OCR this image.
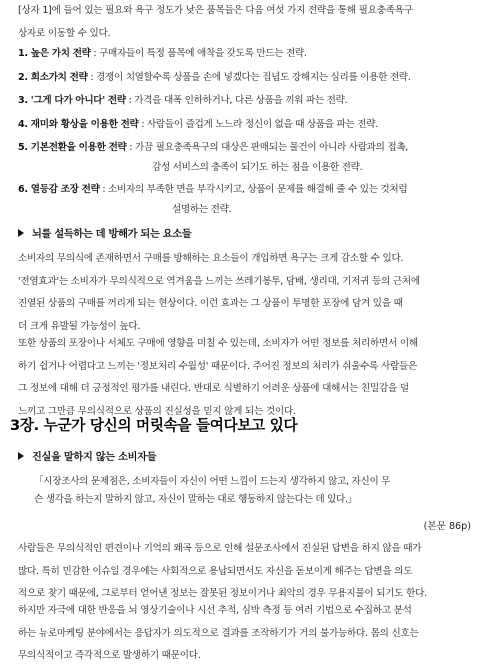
[상자 1]에 들어 있는 필요와 욕구 정도가 낮은 품목들은 다음 여섯 가지 전략을 통해 필요충족욕구
상자로 이동할 수 있다.
1. 높은 가치 전략 : 구매자들이 특정 품목에 애착을 갖도록 만드는 전략.
2. 희소가치 전략 : 경쟁이 치열할수록 상품을 손에 넣겠다는 집념도 강해지는 심리를 이용한 전략.
3. '그게 다가 아니다' 전략 : 가격을 대폭 인하하거나, 다른 상품을 끼워 파는 전략.
4. 재미와 황상을 이용한 전략 : 사람들이 즐겁게 노느라 정신이 없을 때 상품을 파는 전략.
5. 기본전환을 이용한 전략 : 가끔 필요충족욕구의 대상은 판매되는 물건이 아니라 사람과의 접촉,
감성 서비스의 충족이 되기도 하는 점을 이용한 전략.
6. 열등감 조장 전략 : 소비자의 부족한 면을 부각시키고, 상품이 문제를 해결해 줄 수 있는 것처럼
설명하는 전략.
뇌를 설득하는 데 방해가 되는 요소들
소비자의 무의식에 존재하면서 구매를 방해하는 요소들이 개입하면 욕구는 크게 감소할 수 있다.
'전염효과'는 소비자가 무의식적으로 역겨움을 느끼는 쓰레기봉투, 담배, 생리대, 기저귀 등의 근처에
진열된 상품의 구매를 꺼리게 되는 현상이다. 이런 효과는 그 상품이 투명한 포장에 담겨 있을 때
더 크게 유발될 가능성이 높다.
또한 상품의 포장이나 서체도 구매에 영향을 미칠 수 있는데, 소비자가 어떤 정보를 처리하면서 이해
하기 쉽거나 어렵다고 느끼는 '정보처리 수월성' 때문이다. 주어진 정보의 처리가 쉬울수록 사람들은
그 정보에 대해 더 긍정적인 평가를 내린다. 반대로 식별하기 어려운 상품에 대해서는 친밀감을 덜
느끼고 그만큼 무의식적으로 상품의 진실성을 믿지 않게 되는 것이다.
3장. 누군가 당신의 머릿속을 들여다보고 있다
진실을 말하지 않는 소비자들
「시장조사의 문제점은, 소비자들이 자신이 어떤 느낌이 드는지 생각하지 않고, 자신이 무
슨 생각을 하는지 말하지 않고, 자신이 말하는 대로 행동하지 않는다는 데 있다.」
(본문 86p)
사람들은 무의식적인 편견이나 기억의 왜곡 등으로 인해 설문조사에서 진실된 답변을 하지 않을 때가
많다. 특히 민감한 이슈일 경우에는 사회적으로 용납되면서도 자신을 돋보이게 해주는 답변을 의도
적으로 찾기 때문에, 그로부터 얻어낸 정보는 잘못된 정보이거나 최악의 경우 무용지물이 되기도 한다.
하지만 자극에 대한 반응을 뇌 영상기술이나 시선 추적, 심박 측정 등 여러 기법으로 수집하고 분석
하는 뉴로마케팅 분야에서는 응답자가 의도적으로 결과를 조작하기가 거의 불가능하다. 몸의 신호는
무의식적이고 즉각적으로 발생하기 때문이다.
